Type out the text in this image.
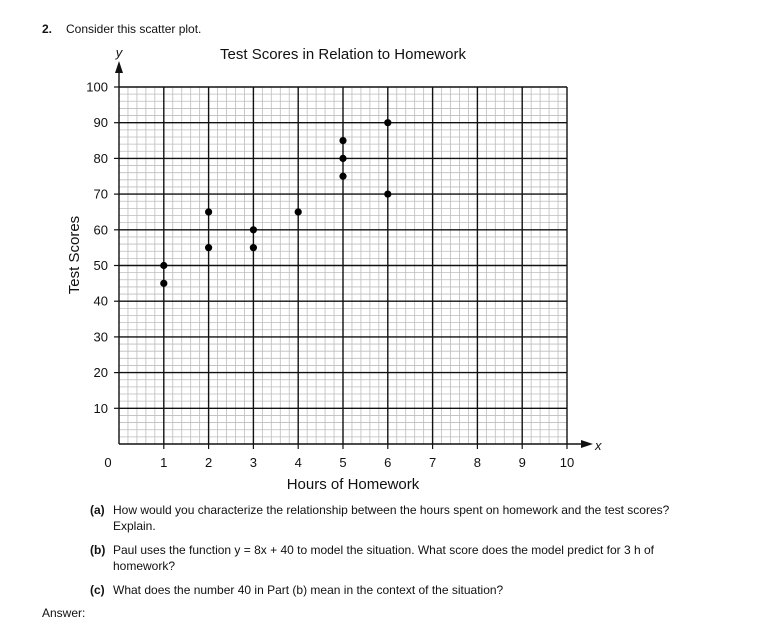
2. Consider this scatter plot.
1	2	3	4	5	6	7	8	9	10
10
20
30
40
50
60
70
80
90
100
0
x
y	Test Scores in Relation to Homework
Hours of Homework
Test Scores
(a) How would you characterize the relationship between the hours spent on homework and the test scores? Explain.
(b) Paul uses the function y = 8x + 40 to model the situation. What score does the model predict for 3 h of homework?
(c) What does the number 40 in Part (b) mean in the context of the situation?
Answer:
